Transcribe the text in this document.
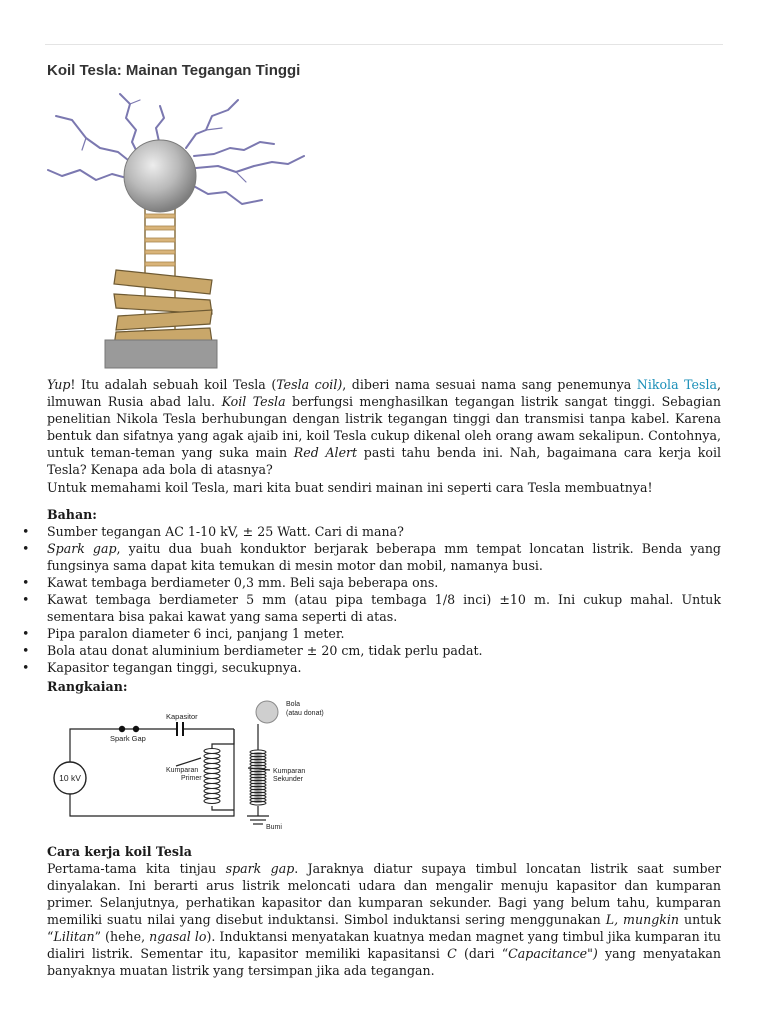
Koil Tesla: Mainan Tegangan Tinggi

Yup! Itu adalah sebuah koil Tesla (Tesla coil), diberi nama sesuai nama sang penemunya Nikola Tesla, ilmuwan Rusia abad lalu. Koil Tesla berfungsi menghasilkan tegangan listrik sangat tinggi. Sebagian penelitian Nikola Tesla berhubungan dengan listrik tegangan tinggi dan transmisi tanpa kabel. Karena bentuk dan sifatnya yang agak ajaib ini, koil Tesla cukup dikenal oleh orang awam sekalipun. Contohnya, untuk teman-teman yang suka main Red Alert pasti tahu benda ini. Nah, bagaimana cara kerja koil Tesla? Kenapa ada bola di atasnya?

Untuk memahami koil Tesla, mari kita buat sendiri mainan ini seperti cara Tesla membuatnya!

Bahan:

• Sumber tegangan AC 1-10 kV, ± 25 Watt. Cari di mana?
• Spark gap, yaitu dua buah konduktor berjarak beberapa mm tempat loncatan listrik. Benda yang fungsinya sama dapat kita temukan di mesin motor dan mobil, namanya busi.
• Kawat tembaga berdiameter 0,3 mm. Beli saja beberapa ons.
• Kawat tembaga berdiameter 5 mm (atau pipa tembaga 1/8 inci) ±10 m. Ini cukup mahal. Untuk sementara bisa pakai kawat yang sama seperti di atas.
• Pipa paralon diameter 6 inci, panjang 1 meter.
• Bola atau donat aluminium berdiameter ± 20 cm, tidak perlu padat.
• Kapasitor tegangan tinggi, secukupnya.

Rangkaian:

Kapasitor
Spark Gap
10 kV
Kumparan
Primer
Kumparan
Sekunder
Bola
(atau donat)
Bumi

Cara kerja koil Tesla

Pertama-tama kita tinjau spark gap. Jaraknya diatur supaya timbul loncatan listrik saat sumber dinyalakan. Ini berarti arus listrik meloncati udara dan mengalir menuju kapasitor dan kumparan primer. Selanjutnya, perhatikan kapasitor dan kumparan sekunder. Bagi yang belum tahu, kumparan memiliki suatu nilai yang disebut induktansi. Simbol induktansi sering menggunakan L, mungkin untuk “Lilitan” (hehe, ngasal lo). Induktansi menyatakan kuatnya medan magnet yang timbul jika kumparan itu dialiri listrik. Sementar itu, kapasitor memiliki kapasitansi C (dari “Capacitance") yang menyatakan banyaknya muatan listrik yang tersimpan jika ada tegangan.
